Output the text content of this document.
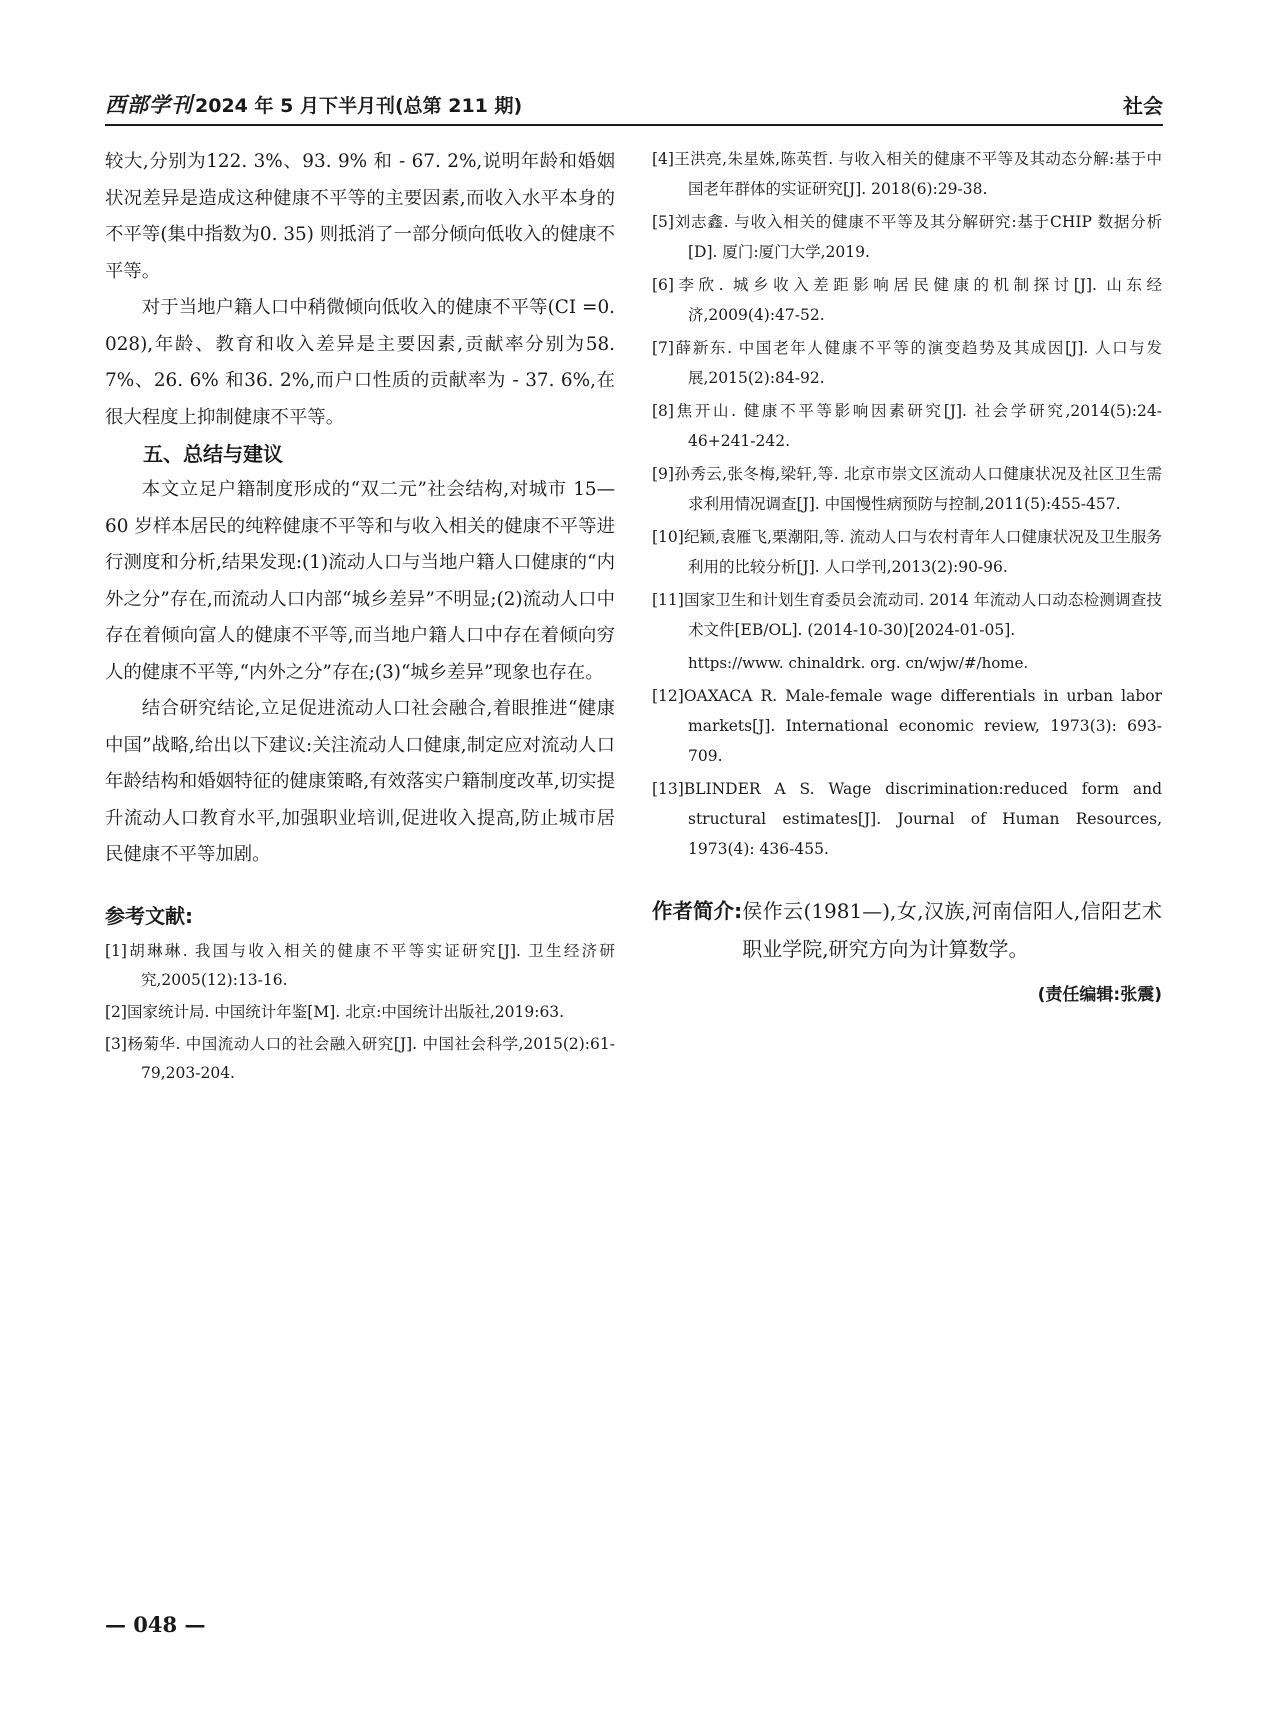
西部学刊 2024 年 5 月下半月刊(总第 211 期)	社会

较大,分别为122. 3%、93. 9% 和 - 67. 2%,说明年龄和婚姻状况差异是造成这种健康不平等的主要因素,而收入水平本身的不平等(集中指数为0. 35) 则抵消了一部分倾向低收入的健康不平等。

对于当地户籍人口中稍微倾向低收入的健康不平等(CI =0. 028),年龄、教育和收入差异是主要因素,贡献率分别为58. 7%、26. 6% 和36. 2%,而户口性质的贡献率为 - 37. 6%,在很大程度上抑制健康不平等。

五、总结与建议

本文立足户籍制度形成的“双二元”社会结构,对城市 15—60 岁样本居民的纯粹健康不平等和与收入相关的健康不平等进行测度和分析,结果发现:(1)流动人口与当地户籍人口健康的“内外之分”存在,而流动人口内部“城乡差异”不明显;(2)流动人口中存在着倾向富人的健康不平等,而当地户籍人口中存在着倾向穷人的健康不平等,“内外之分”存在;(3)“城乡差异”现象也存在。

结合研究结论,立足促进流动人口社会融合,着眼推进“健康中国”战略,给出以下建议:关注流动人口健康,制定应对流动人口年龄结构和婚姻特征的健康策略,有效落实户籍制度改革,切实提升流动人口教育水平,加强职业培训,促进收入提高,防止城市居民健康不平等加剧。

参考文献:

[1]胡琳琳. 我国与收入相关的健康不平等实证研究[J]. 卫生经济研究,2005(12):13-16.

[2]国家统计局. 中国统计年鉴[M]. 北京:中国统计出版社,2019:63.

[3]杨菊华. 中国流动人口的社会融入研究[J]. 中国社会科学,2015(2):61-79,203-204.

[4]王洪亮,朱星姝,陈英哲. 与收入相关的健康不平等及其动态分解:基于中国老年群体的实证研究[J]. 2018(6):29-38.

[5]刘志鑫. 与收入相关的健康不平等及其分解研究:基于CHIP 数据分析[D]. 厦门:厦门大学,2019.

[6]李欣. 城乡收入差距影响居民健康的机制探讨[J]. 山东经济,2009(4):47-52.

[7]薛新东. 中国老年人健康不平等的演变趋势及其成因[J]. 人口与发展,2015(2):84-92.

[8]焦开山. 健康不平等影响因素研究[J]. 社会学研究,2014(5):24-46+241-242.

[9]孙秀云,张冬梅,梁轩,等. 北京市崇文区流动人口健康状况及社区卫生需求利用情况调查[J]. 中国慢性病预防与控制,2011(5):455-457.

[10]纪颖,袁雁飞,栗潮阳,等. 流动人口与农村青年人口健康状况及卫生服务利用的比较分析[J]. 人口学刊,2013(2):90-96.

[11]国家卫生和计划生育委员会流动司. 2014 年流动人口动态检测调查技术文件[EB/OL]. (2014-10-30)[2024-01-05].

https://www. chinaldrk. org. cn/wjw/#/home.

[12]OAXACA R. Male-female wage differentials in urban labor markets[J]. International economic review, 1973(3): 693-709.

[13]BLINDER A S. Wage discrimination:reduced form and structural estimates[J]. Journal of Human Resources, 1973(4): 436-455.

作者简介: 侯作云(1981—),女,汉族,河南信阳人,信阳艺术职业学院,研究方向为计算数学。
(责任编辑:张震)
— 048 —
